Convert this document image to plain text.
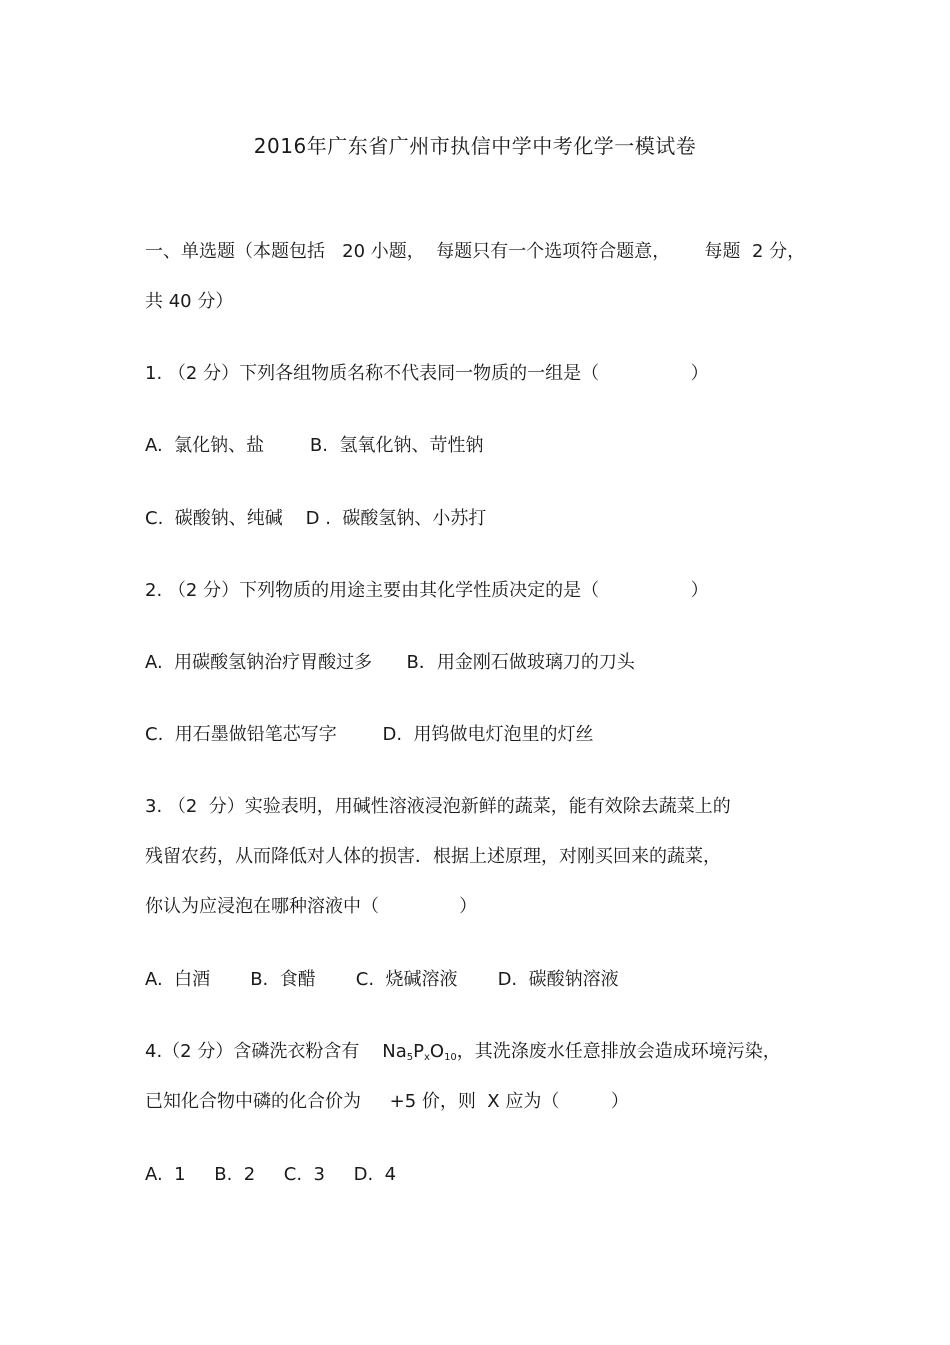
2016年广东省广州市执信中学中考化学一模试卷
一、单选题（本题包括   20 小题，  每题只有一个选项符合题意，      每题  2 分，
共 40 分）
1. （2 分）下列各组物质名称不代表同一物质的一组是（                ）
A.  氯化钠、盐        B.  氢氧化钠、苛性钠
C.  碳酸钠、纯碱    D .  碳酸氢钠、小苏打
2. （2 分）下列物质的用途主要由其化学性质决定的是（                ）
A.  用碳酸氢钠治疗胃酸过多      B．用金刚石做玻璃刀的刀头
C.  用石墨做铅笔芯写字        D.  用钨做电灯泡里的灯丝
3. （2  分）实验表明，用碱性溶液浸泡新鲜的蔬菜，能有效除去蔬菜上的
残留农药，从而降低对人体的损害．根据上述原理，对刚买回来的蔬菜，
你认为应浸泡在哪种溶液中（              ）
A.  白酒       B.  食醋       C.  烧碱溶液       D.  碳酸钠溶液
4.（2 分）含磷洗衣粉含有    $Na_5P_xO_{10}$，其洗涤废水任意排放会造成环境污染，
已知化合物中磷的化合价为     +5 价，则  X 应为（         ）
A.  1     B.  2     C.  3     D.  4
